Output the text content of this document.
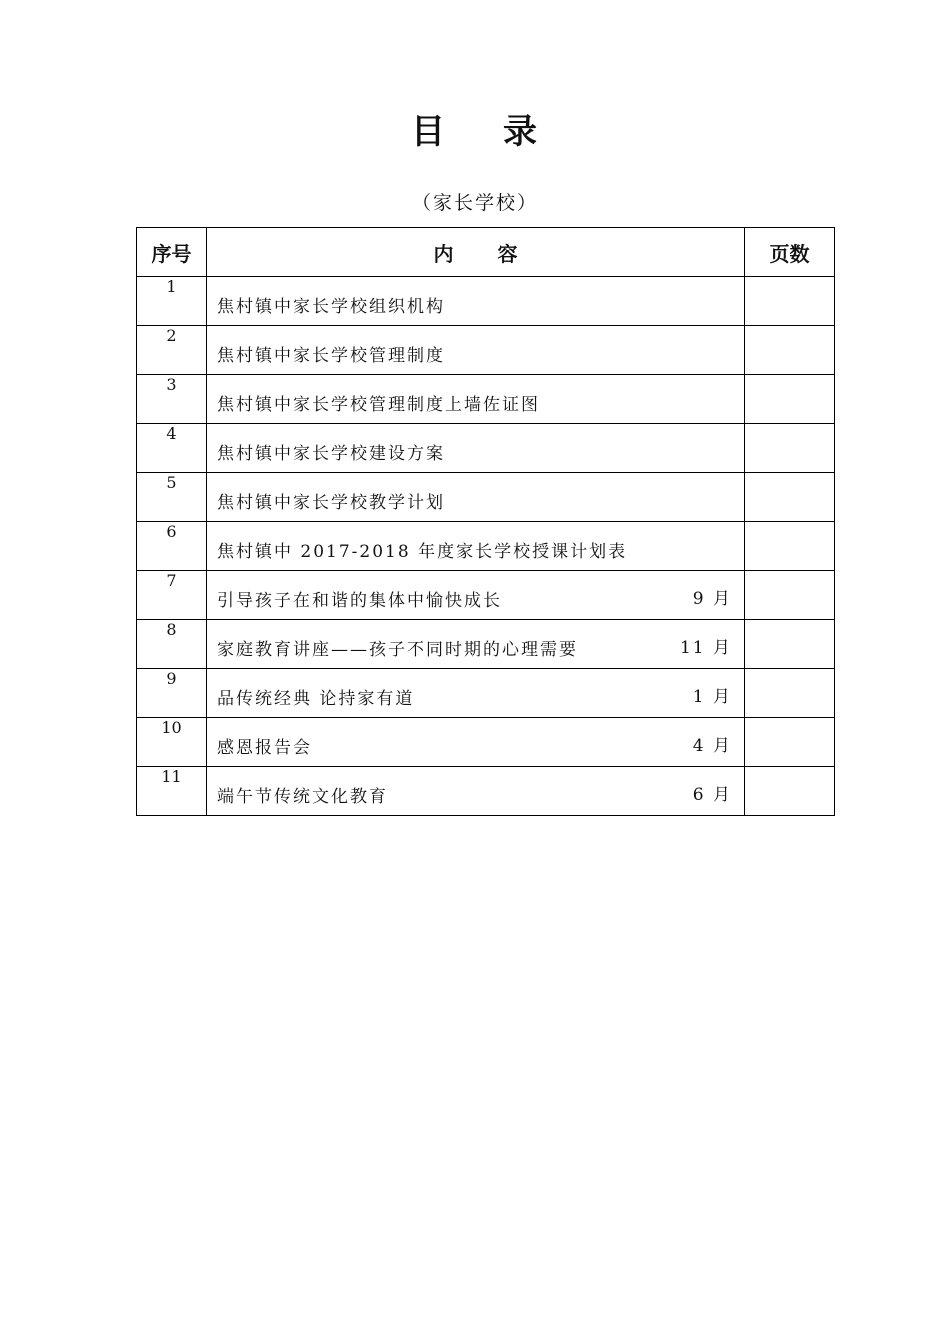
目 录
（家长学校）
序号	内 容	页数
1	焦村镇中家长学校组织机构	

2	焦村镇中家长学校管理制度	

3	焦村镇中家长学校管理制度上墙佐证图	

4	焦村镇中家长学校建设方案	

5	焦村镇中家长学校教学计划	

6	焦村镇中 2017-2018 年度家长学校授课计划表	

7	引导孩子在和谐的集体中愉快成长 9 月	

8	家庭教育讲座——孩子不同时期的心理需要 11 月	

9	品传统经典 论持家有道 1 月	

10	感恩报告会 4 月	

11	端午节传统文化教育 6 月	
